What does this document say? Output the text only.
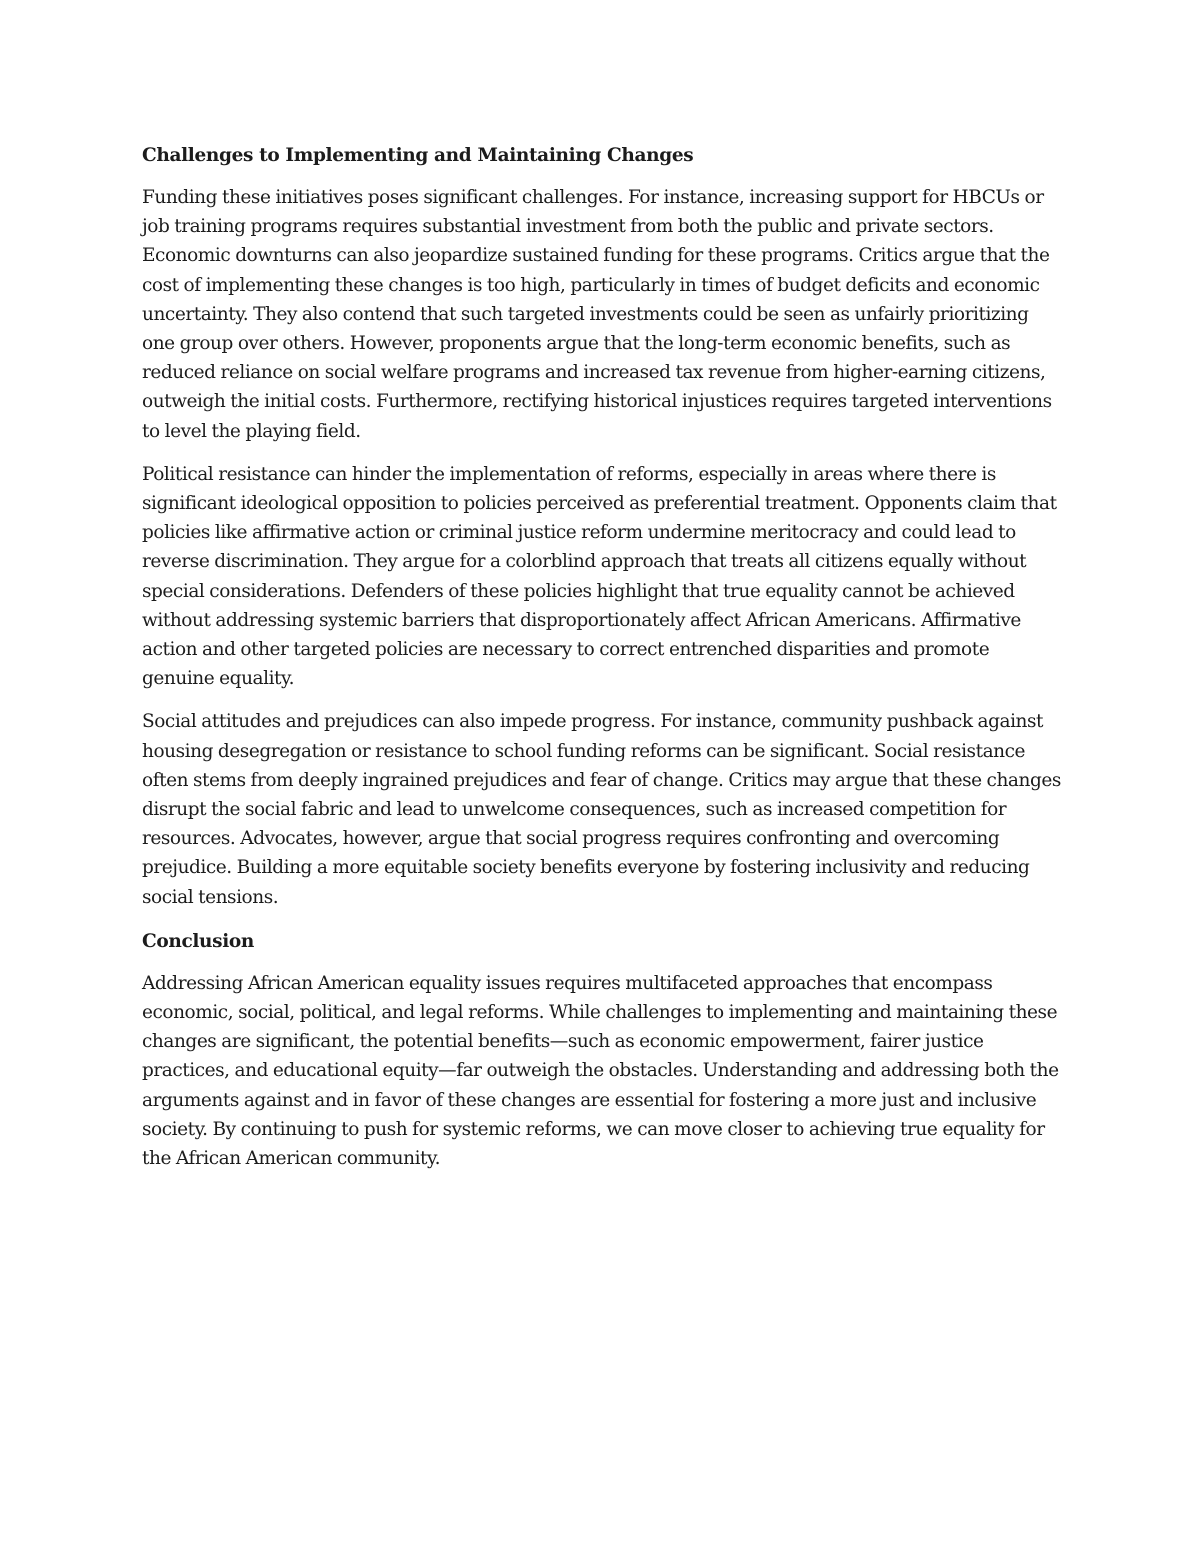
Challenges to Implementing and Maintaining Changes

Funding these initiatives poses significant challenges. For instance, increasing support for HBCUs or job training programs requires substantial investment from both the public and private sectors. Economic downturns can also jeopardize sustained funding for these programs. Critics argue that the cost of implementing these changes is too high, particularly in times of budget deficits and economic uncertainty. They also contend that such targeted investments could be seen as unfairly prioritizing one group over others. However, proponents argue that the long-term economic benefits, such as reduced reliance on social welfare programs and increased tax revenue from higher-earning citizens, outweigh the initial costs. Furthermore, rectifying historical injustices requires targeted interventions to level the playing field.

Political resistance can hinder the implementation of reforms, especially in areas where there is significant ideological opposition to policies perceived as preferential treatment. Opponents claim that policies like affirmative action or criminal justice reform undermine meritocracy and could lead to reverse discrimination. They argue for a colorblind approach that treats all citizens equally without special considerations. Defenders of these policies highlight that true equality cannot be achieved without addressing systemic barriers that disproportionately affect African Americans. Affirmative action and other targeted policies are necessary to correct entrenched disparities and promote genuine equality.

Social attitudes and prejudices can also impede progress. For instance, community pushback against housing desegregation or resistance to school funding reforms can be significant. Social resistance often stems from deeply ingrained prejudices and fear of change. Critics may argue that these changes disrupt the social fabric and lead to unwelcome consequences, such as increased competition for resources. Advocates, however, argue that social progress requires confronting and overcoming prejudice. Building a more equitable society benefits everyone by fostering inclusivity and reducing social tensions.

Conclusion

Addressing African American equality issues requires multifaceted approaches that encompass economic, social, political, and legal reforms. While challenges to implementing and maintaining these changes are significant, the potential benefits—such as economic empowerment, fairer justice practices, and educational equity—far outweigh the obstacles. Understanding and addressing both the arguments against and in favor of these changes are essential for fostering a more just and inclusive society. By continuing to push for systemic reforms, we can move closer to achieving true equality for the African American community.
